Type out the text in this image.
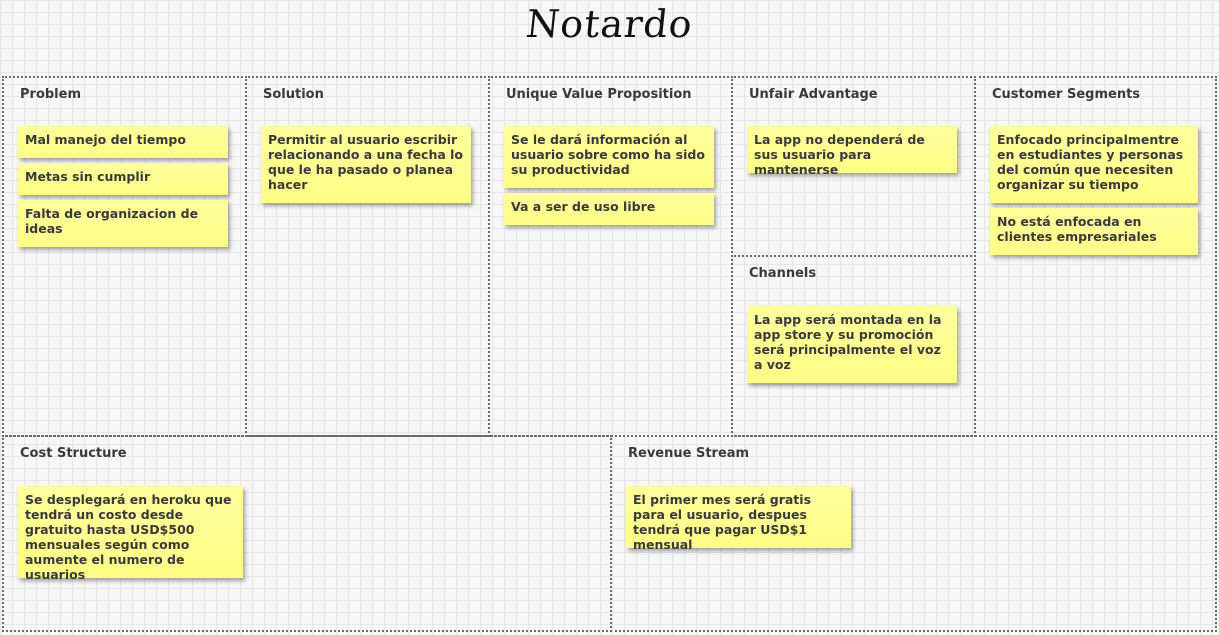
Notardo
Problem
Mal manejo del tiempo
Metas sin cumplir
Falta de organizacion de ideas
Solution
Permitir al usuario escribir relacionando a una fecha lo que le ha pasado o planea hacer
Unique Value Proposition
Se le dará información al usuario sobre como ha sido su productividad
Va a ser de uso libre
Unfair Advantage
La app no dependerá de sus usuario para mantenerse
Channels
La app será montada en la app store y su promoción será principalmente el voz a voz
Customer Segments
Enfocado principalmentre en estudiantes y personas del común que necesiten organizar su tiempo
No está enfocada en clientes empresariales
Cost Structure
Se desplegará en heroku que tendrá un costo desde gratuito hasta USD$500 mensuales según como aumente el numero de usuarios
Revenue Stream
El primer mes será gratis para el usuario, despues tendrá que pagar USD$1 mensual
